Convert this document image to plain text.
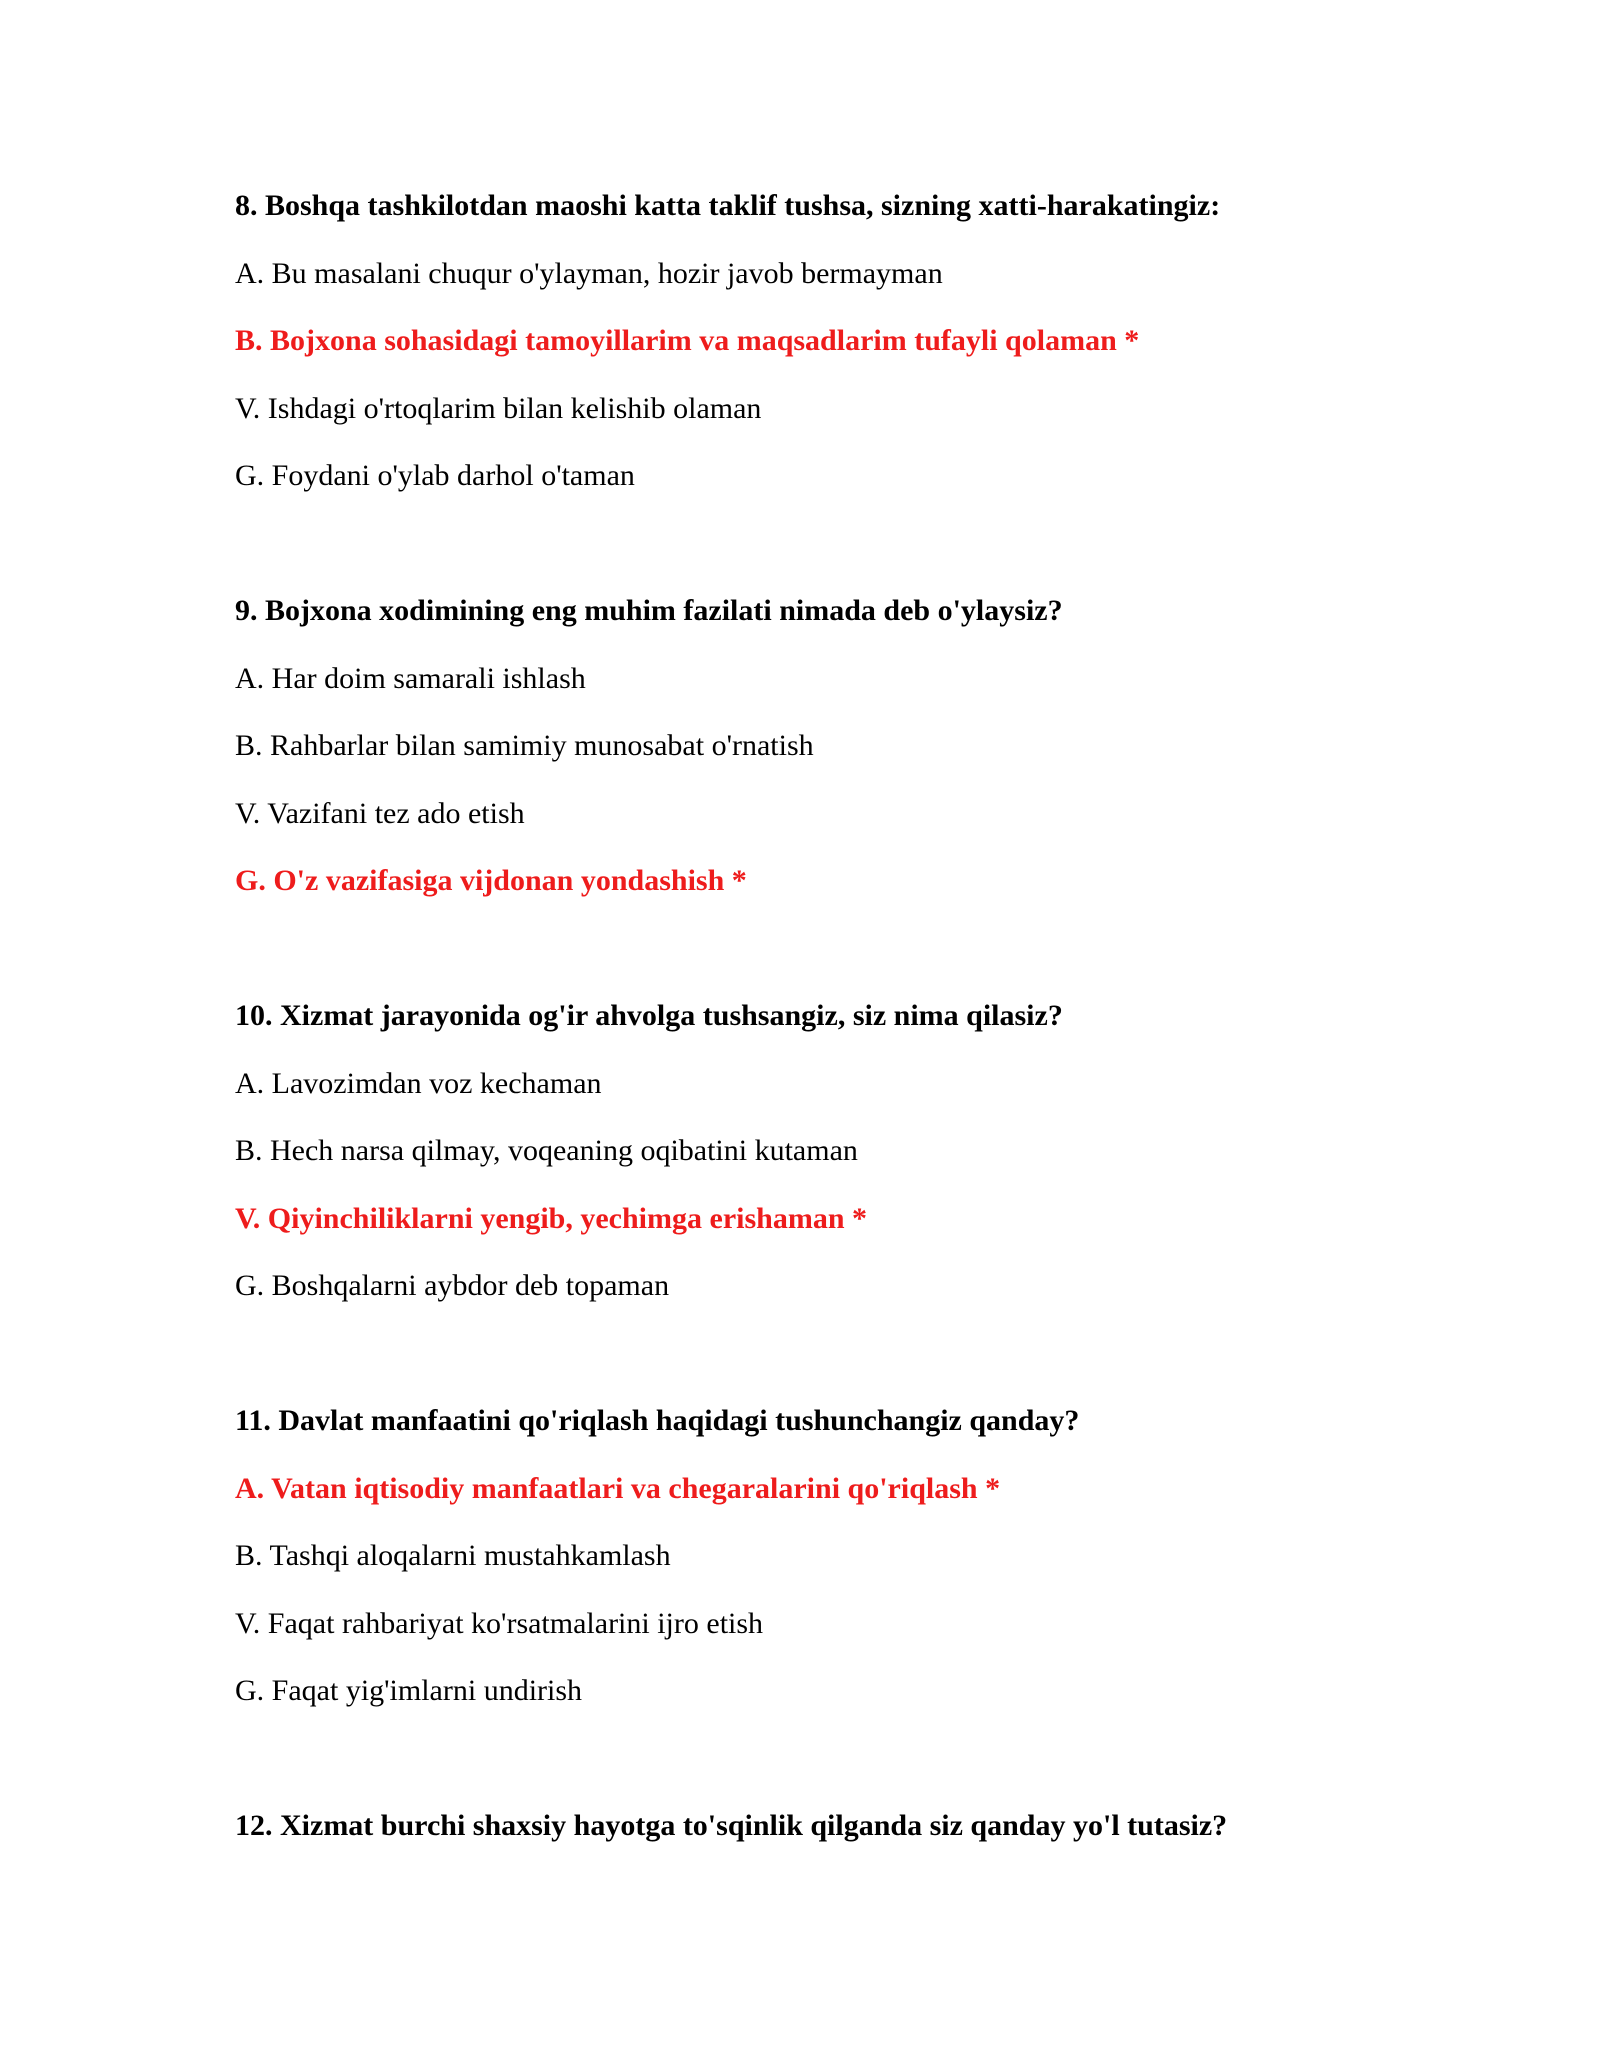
8. Boshqa tashkilotdan maoshi katta taklif tushsa, sizning xatti-harakatingiz:
A. Bu masalani chuqur o'ylayman, hozir javob bermayman
B. Bojxona sohasidagi tamoyillarim va maqsadlarim tufayli qolaman *
V. Ishdagi o'rtoqlarim bilan kelishib olaman
G. Foydani o'ylab darhol o'taman
9. Bojxona xodimining eng muhim fazilati nimada deb o'ylaysiz?
A. Har doim samarali ishlash
B. Rahbarlar bilan samimiy munosabat o'rnatish
V. Vazifani tez ado etish
G. O'z vazifasiga vijdonan yondashish *
10. Xizmat jarayonida og'ir ahvolga tushsangiz, siz nima qilasiz?
A. Lavozimdan voz kechaman
B. Hech narsa qilmay, voqeaning oqibatini kutaman
V. Qiyinchiliklarni yengib, yechimga erishaman *
G. Boshqalarni aybdor deb topaman
11. Davlat manfaatini qo'riqlash haqidagi tushunchangiz qanday?
A. Vatan iqtisodiy manfaatlari va chegaralarini qo'riqlash *
B. Tashqi aloqalarni mustahkamlash
V. Faqat rahbariyat ko'rsatmalarini ijro etish
G. Faqat yig'imlarni undirish
12. Xizmat burchi shaxsiy hayotga to'sqinlik qilganda siz qanday yo'l tutasiz?
